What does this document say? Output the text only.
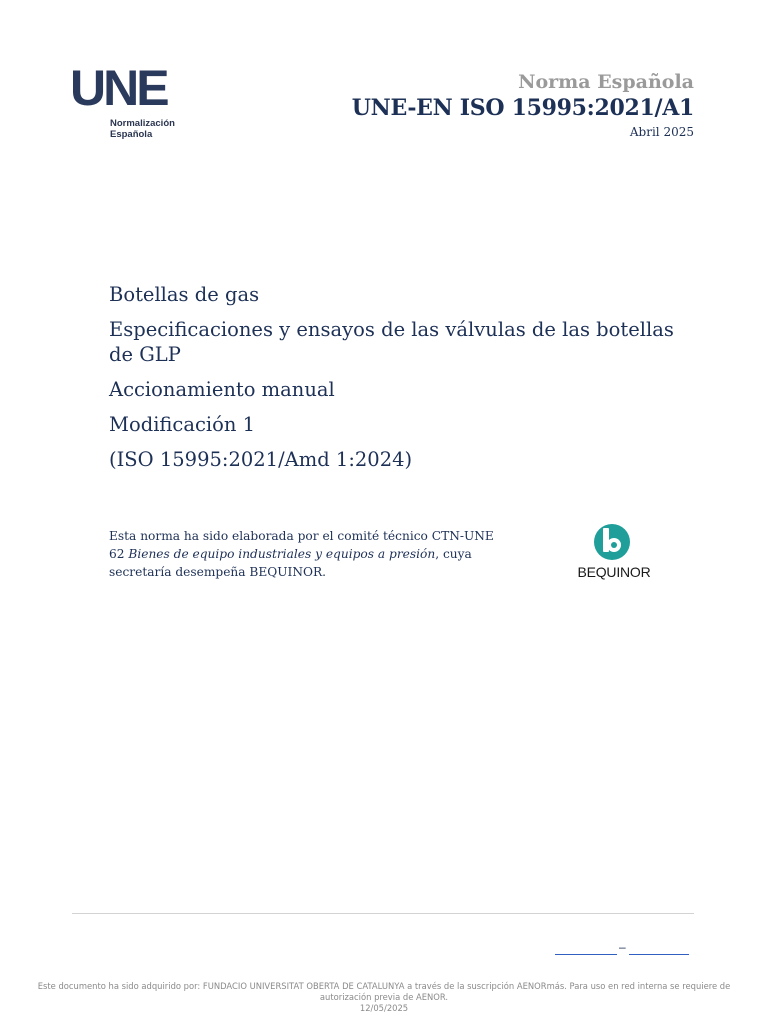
UNE
Normalización
Española
Norma Española
UNE-EN ISO 15995:2021/A1
Abril 2025
Botellas de gas
Especificaciones y ensayos de las válvulas de las botellas de GLP
Accionamiento manual
Modificación 1
(ISO 15995:2021/Amd 1:2024)
Esta norma ha sido elaborada por el comité técnico CTN-UNE 62 Bienes de equipo industriales y equipos a presión, cuya secretaría desempeña BEQUINOR.	BEQUINOR
–
Este documento ha sido adquirido por: FUNDACIO UNIVERSITAT OBERTA DE CATALUNYA a través de la suscripción AENORmás. Para uso en red interna se requiere de
autorización previa de AENOR.
12/05/2025
